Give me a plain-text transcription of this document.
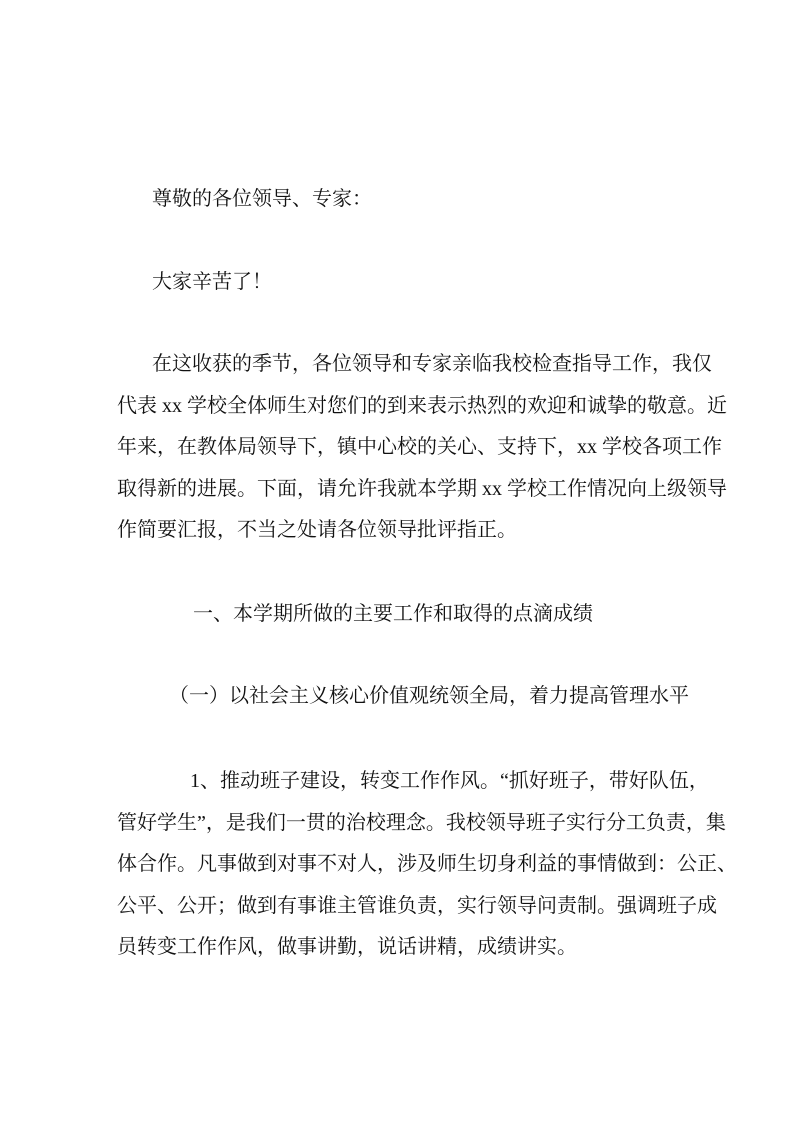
尊敬的各位领导、专家：
大家辛苦了！
在这收获的季节，各位领导和专家亲临我校检查指导工作，我仅
代表 xx 学校全体师生对您们的到来表示热烈的欢迎和诚挚的敬意。近
年来，在教体局领导下，镇中心校的关心、支持下，xx 学校各项工作
取得新的进展。下面，请允许我就本学期 xx 学校工作情况向上级领导
作简要汇报，不当之处请各位领导批评指正。
一、本学期所做的主要工作和取得的点滴成绩
（一）以社会主义核心价值观统领全局，着力提高管理水平
1、推动班子建设，转变工作作风。“抓好班子，带好队伍，
管好学生”，是我们一贯的治校理念。我校领导班子实行分工负责，集
体合作。凡事做到对事不对人，涉及师生切身利益的事情做到：公正、
公平、公开；做到有事谁主管谁负责，实行领导问责制。强调班子成
员转变工作作风，做事讲勤，说话讲精，成绩讲实。
